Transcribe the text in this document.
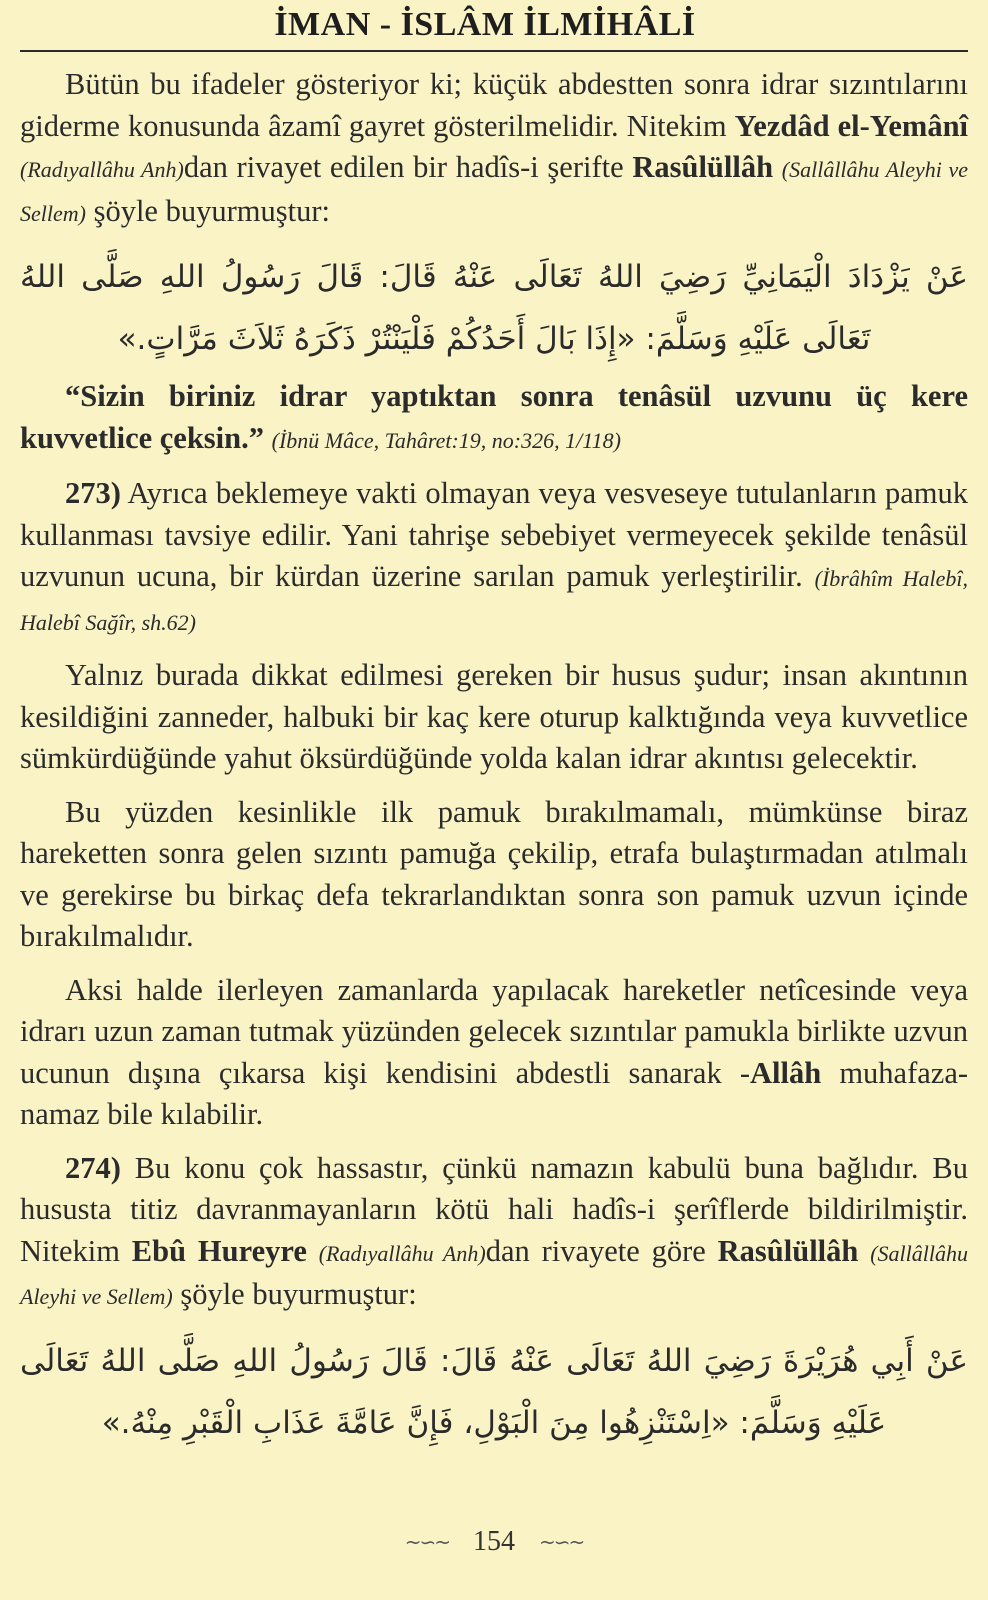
İMAN - İSLÂM İLMİHÂLİ

Bütün bu ifadeler gösteriyor ki; küçük abdestten sonra idrar sızıntılarını giderme konusunda âzamî gayret gösterilmelidir. Nitekim Yezdâd el-Yemânî (Radıyallâhu Anh)dan rivayet edilen bir hadîs-i şerifte Rasûlüllâh (Sallâllâhu Aleyhi ve Sellem) şöyle buyurmuştur:

عَنْ يَزْدَادَ الْيَمَانِيِّ رَضِيَ اللهُ تَعَالَى عَنْهُ قَالَ: قَالَ رَسُولُ اللهِ صَلَّى اللهُ تَعَالَى عَلَيْهِ وَسَلَّمَ: «إِذَا بَالَ أَحَدُكُمْ فَلْيَنْتُرْ ذَكَرَهُ ثَلاَثَ مَرَّاتٍ.»

“Sizin biriniz idrar yaptıktan sonra tenâsül uzvunu üç kere kuvvetlice çeksin.” (İbnü Mâce, Tahâret:19, no:326, 1/118)

273) Ayrıca beklemeye vakti olmayan veya vesveseye tutulanların pamuk kullanması tavsiye edilir. Yani tahrişe sebebiyet vermeyecek şekilde tenâsül uzvunun ucuna, bir kürdan üzerine sarılan pamuk yerleştirilir. (İbrâhîm Halebî, Halebî Sağîr, sh.62)

Yalnız burada dikkat edilmesi gereken bir husus şudur; insan akıntının kesildiğini zanneder, halbuki bir kaç kere oturup kalktığında veya kuvvetlice sümkürdüğünde yahut öksürdüğünde yolda kalan idrar akıntısı gelecektir.

Bu yüzden kesinlikle ilk pamuk bırakılmamalı, mümkünse biraz hareketten sonra gelen sızıntı pamuğa çekilip, etrafa bulaştırmadan atılmalı ve gerekirse bu birkaç defa tekrarlandıktan sonra son pamuk uzvun içinde bırakılmalıdır.

Aksi halde ilerleyen zamanlarda yapılacak hareketler netîcesinde veya idrarı uzun zaman tutmak yüzünden gelecek sızıntılar pamukla birlikte uzvun ucunun dışına çıkarsa kişi kendisini abdestli sanarak -Allâh muhafaza- namaz bile kılabilir.

274) Bu konu çok hassastır, çünkü namazın kabulü buna bağlıdır. Bu hususta titiz davranmayanların kötü hali hadîs-i şerîflerde bildirilmiştir. Nitekim Ebû Hureyre (Radıyallâhu Anh)dan rivayete göre Rasûlüllâh (Sallâllâhu Aleyhi ve Sellem) şöyle buyurmuştur:

عَنْ أَبِي هُرَيْرَةَ رَضِيَ اللهُ تَعَالَى عَنْهُ قَالَ: قَالَ رَسُولُ اللهِ صَلَّى اللهُ تَعَالَى عَلَيْهِ وَسَلَّمَ: «اِسْتَنْزِهُوا مِنَ الْبَوْلِ، فَإِنَّ عَامَّةَ عَذَابِ الْقَبْرِ مِنْهُ.»

~∽~ 154 ~∽~
